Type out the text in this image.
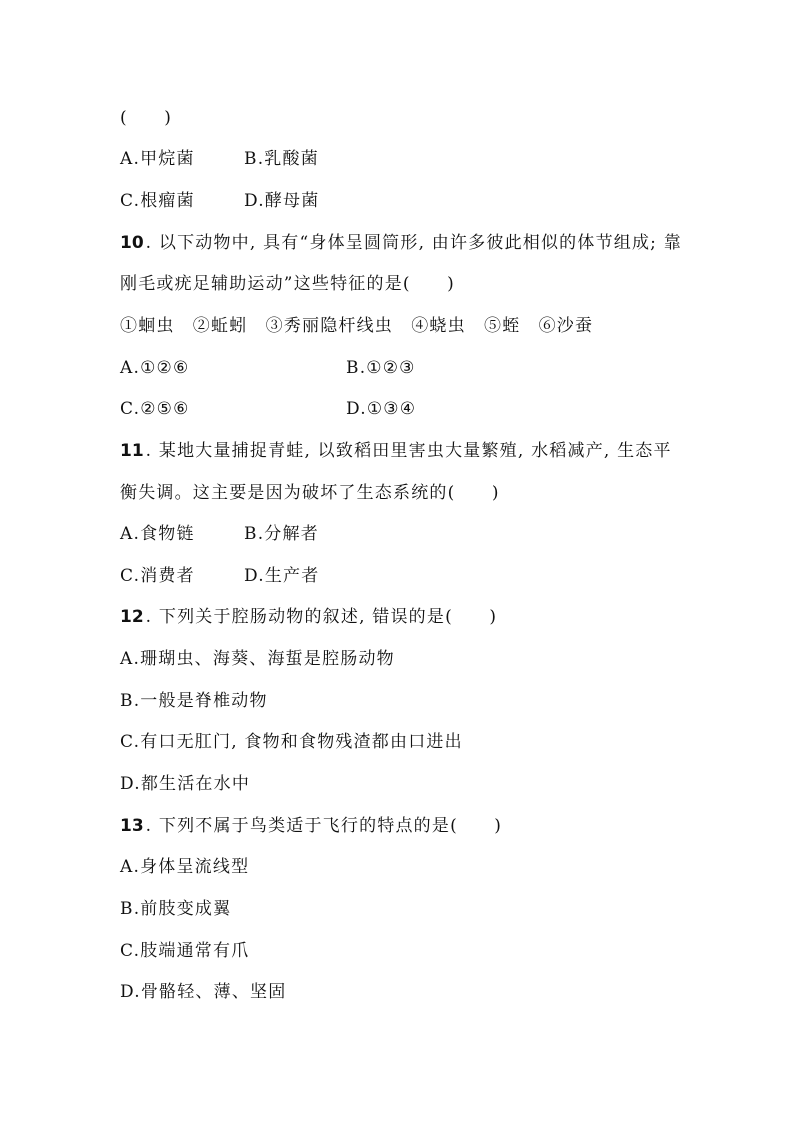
(　　)
A.甲烷菌	B.乳酸菌
C.根瘤菌	D.酵母菌
10 . 以下动物中, 具有“身体呈圆筒形, 由许多彼此相似的体节组成; 靠
刚毛或疣足辅助运动”这些特征的是(　　)
①蛔虫　②蚯蚓　③秀丽隐杆线虫　④蛲虫　⑤蛭　⑥沙蚕
A.①②⑥	B.①②③
C.②⑤⑥	D.①③④
11 . 某地大量捕捉青蛙, 以致稻田里害虫大量繁殖, 水稻减产, 生态平
衡失调。这主要是因为破坏了生态系统的(　　)
A.食物链	B.分解者
C.消费者	D.生产者
12 . 下列关于腔肠动物的叙述, 错误的是(　　)
A.珊瑚虫、海葵、海蜇是腔肠动物
B.一般是脊椎动物
C.有口无肛门, 食物和食物残渣都由口进出
D.都生活在水中
13 . 下列不属于鸟类适于飞行的特点的是(　　)
A.身体呈流线型
B.前肢变成翼
C.肢端通常有爪
D.骨骼轻、薄、坚固
